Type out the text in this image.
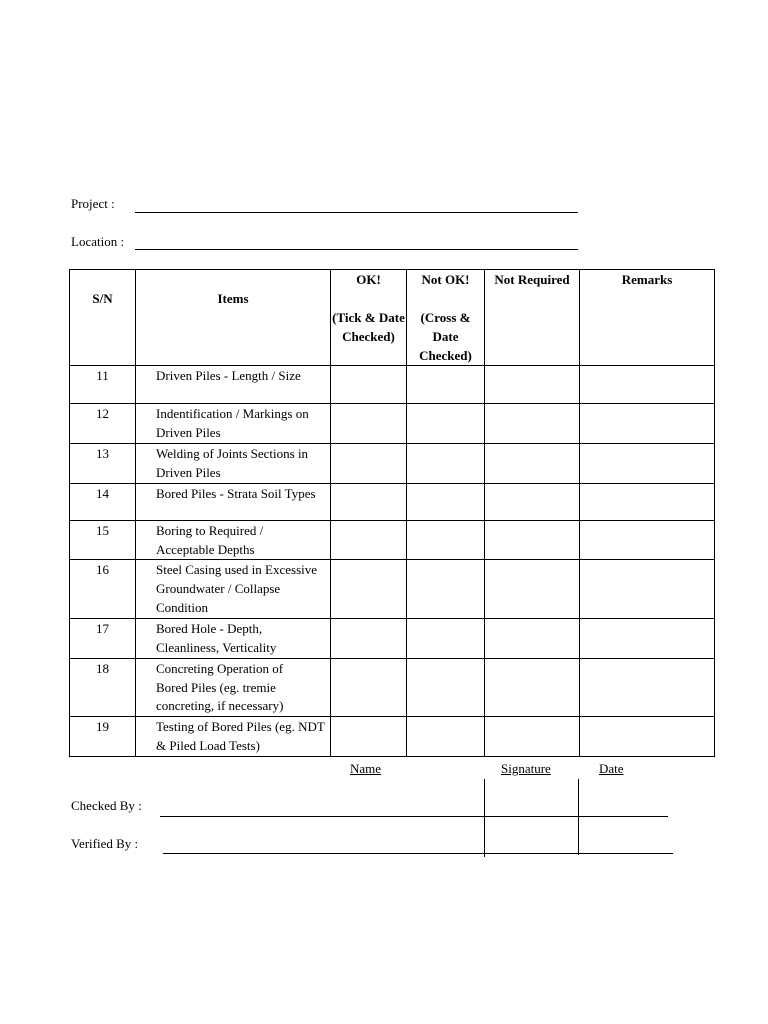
Project :
Location :
S/N	Items	OK!
(Tick & Date Checked)	Not OK!
(Cross & Date Checked)	Not Required	Remarks
11	Driven Piles - Length / Size				

12	Indentification / Markings on Driven Piles				

13	Welding of Joints Sections in Driven Piles				

14	Bored Piles - Strata Soil Types				

15	Boring to Required / Acceptable Depths				

16	Steel Casing used in Excessive Groundwater / Collapse Condition				

17	Bored Hole - Depth, Cleanliness, Verticality				

18	Concreting Operation of Bored Piles (eg. tremie concreting, if necessary)				

19	Testing of Bored Piles (eg. NDT & Piled Load Tests)				

Name	Signature	Date
Checked By :
Verified By :
